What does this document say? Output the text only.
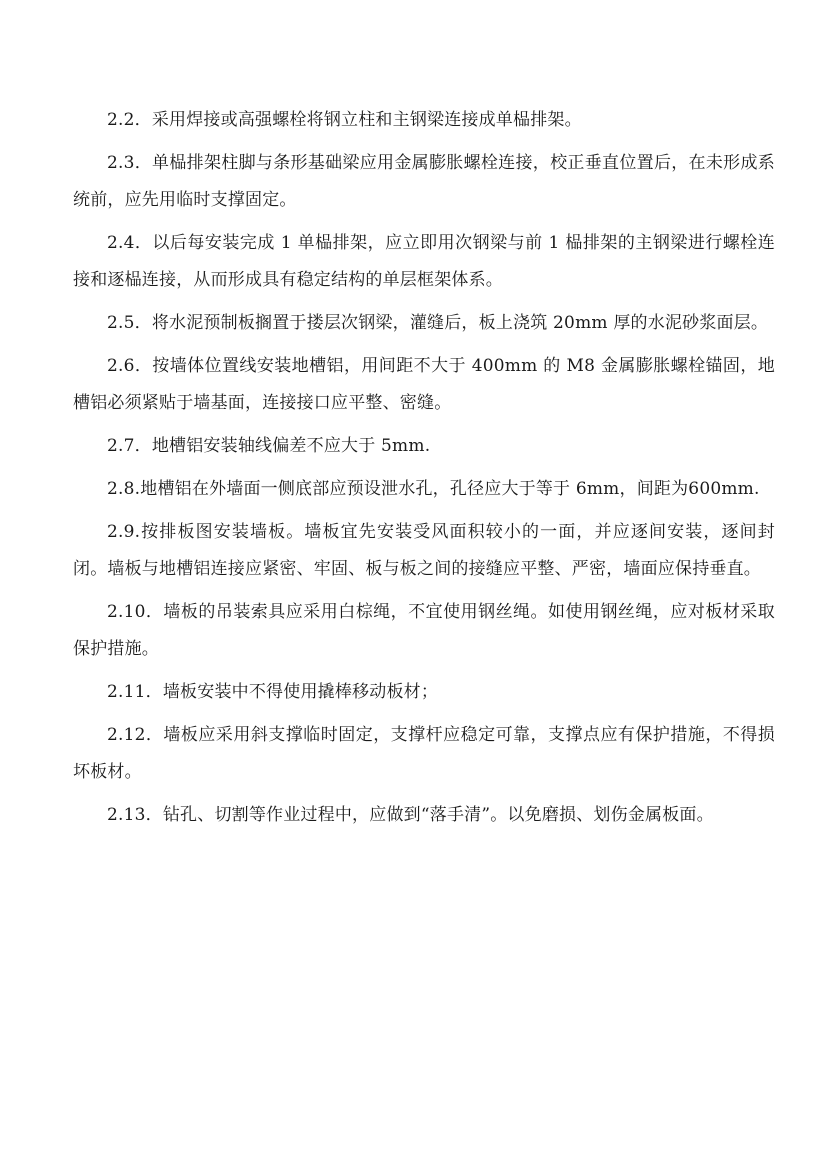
2.2．采用焊接或高强螺栓将钢立柱和主钢梁连接成单榀排架。

2.3．单榀排架柱脚与条形基础梁应用金属膨胀螺栓连接，校正垂直位置后，在未形成系统前，应先用临时支撑固定。

2.4．以后每安装完成 1 单榀排架，应立即用次钢梁与前 1 榀排架的主钢梁进行螺栓连接和逐榀连接，从而形成具有稳定结构的单层框架体系。

2.5．将水泥预制板搁置于搂层次钢梁，灌缝后，板上浇筑 20mm 厚的水泥砂浆面层。

2.6．按墙体位置线安装地槽铝，用间距不大于 400mm 的 M8 金属膨胀螺栓锚固，地槽铝必须紧贴于墙基面，连接接口应平整、密缝。

2.7．地槽铝安装轴线偏差不应大于 5mm.

2.8.地槽铝在外墙面一侧底部应预设泄水孔，孔径应大于等于 6mm，间距为600mm.

2.9.按排板图安装墙板。墙板宜先安装受风面积较小的一面，并应逐间安装，逐间封闭。墙板与地槽铝连接应紧密、牢固、板与板之间的接缝应平整、严密，墙面应保持垂直。

2.10．墙板的吊装索具应采用白棕绳，不宜使用钢丝绳。如使用钢丝绳，应对板材采取保护措施。

2.11．墙板安装中不得使用撬棒移动板材；

2.12．墙板应采用斜支撑临时固定，支撑杆应稳定可靠，支撑点应有保护措施，不得损坏板材。

2.13．钻孔、切割等作业过程中，应做到“落手清”。以免磨损、划伤金属板面。
